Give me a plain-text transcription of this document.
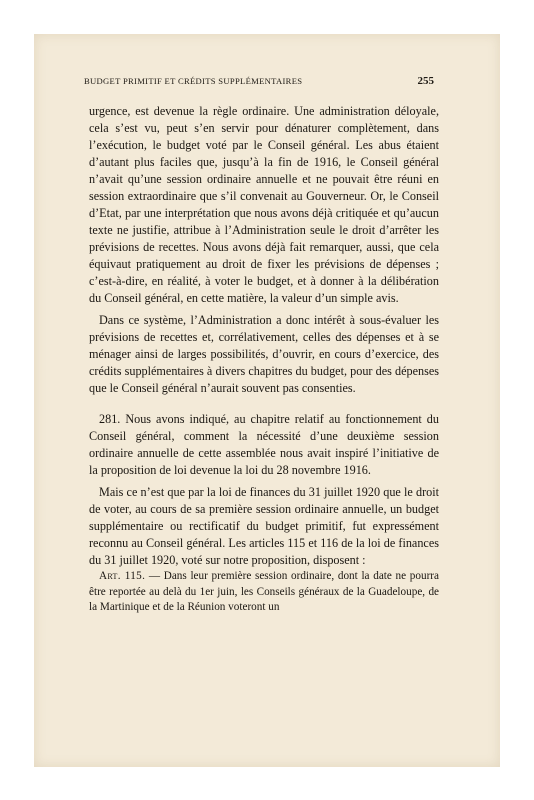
BUDGET PRIMITIF ET CRÉDITS SUPPLÉMENTAIRES	255

urgence, est devenue la règle ordinaire. Une administration déloyale, cela s’est vu, peut s’en servir pour dénaturer complètement, dans l’exécution, le budget voté par le Conseil général. Les abus étaient d’autant plus faciles que, jusqu’à la fin de 1916, le Conseil général n’avait qu’une session ordinaire annuelle et ne pouvait être réuni en session extraordinaire que s’il convenait au Gouverneur. Or, le Conseil d’Etat, par une interprétation que nous avons déjà critiquée et qu’aucun texte ne justifie, attribue à l’Administration seule le droit d’arrêter les prévisions de recettes. Nous avons déjà fait remarquer, aussi, que cela équivaut pratiquement au droit de fixer les prévisions de dépenses ; c’est-à-dire, en réalité, à voter le budget, et à donner à la délibération du Conseil général, en cette matière, la valeur d’un simple avis.

Dans ce système, l’Administration a donc intérêt à sous-évaluer les prévisions de recettes et, corrélativement, celles des dépenses et à se ménager ainsi de larges possibilités, d’ouvrir, en cours d’exercice, des crédits supplémentaires à divers chapitres du budget, pour des dépenses que le Conseil général n’aurait souvent pas consenties.

281. Nous avons indiqué, au chapitre relatif au fonctionnement du Conseil général, comment la nécessité d’une deuxième session ordinaire annuelle de cette assemblée nous avait inspiré l’initiative de la proposition de loi devenue la loi du 28 novembre 1916.

Mais ce n’est que par la loi de finances du 31 juillet 1920 que le droit de voter, au cours de sa première session ordinaire annuelle, un budget supplémentaire ou rectificatif du budget primitif, fut expressément reconnu au Conseil général. Les articles 115 et 116 de la loi de finances du 31 juillet 1920, voté sur notre proposition, disposent :

Art. 115. — Dans leur première session ordinaire, dont la date ne pourra être reportée au delà du 1er juin, les Conseils généraux de la Guadeloupe, de la Martinique et de la Réunion voteront un
